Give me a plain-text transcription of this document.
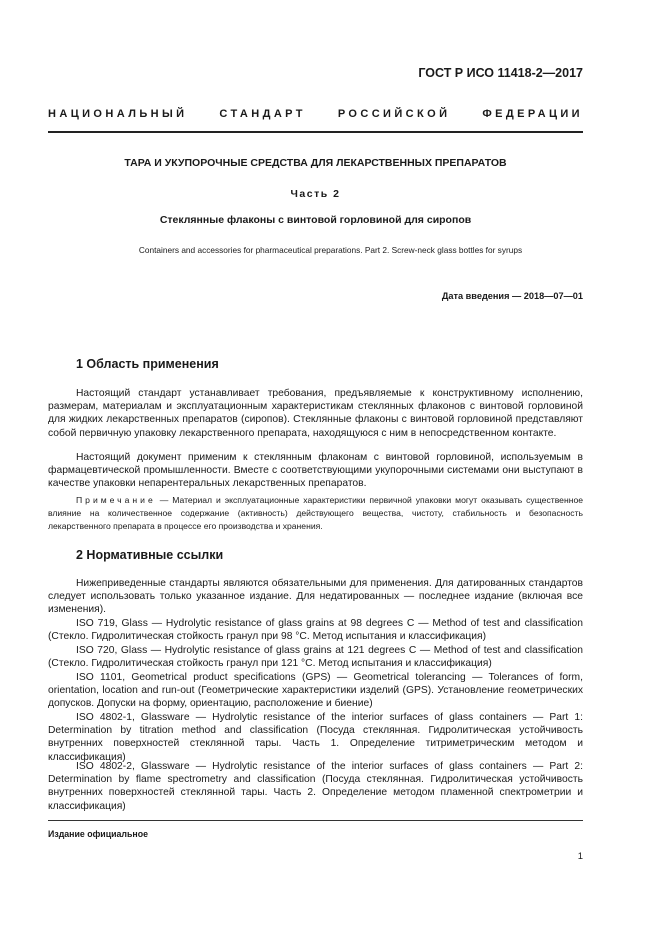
ГОСТ Р ИСО 11418-2—2017
НАЦИОНАЛЬНЫЙ СТАНДАРТ РОССИЙСКОЙ ФЕДЕРАЦИИ
ТАРА И УКУПОРОЧНЫЕ СРЕДСТВА ДЛЯ ЛЕКАРСТВЕННЫХ ПРЕПАРАТОВ
Часть 2
Стеклянные флаконы с винтовой горловиной для сиропов
Containers and accessories for pharmaceutical preparations. Part 2. Screw-neck glass bottles for syrups
Дата введения — 2018—07—01
1 Область применения
Настоящий стандарт устанавливает требования, предъявляемые к конструктивному исполнению, размерам, материалам и эксплуатационным характеристикам стеклянных флаконов с винтовой горловиной для жидких лекарственных препаратов (сиропов). Стеклянные флаконы с винтовой горловиной представляют собой первичную упаковку лекарственного препарата, находящуюся с ним в непосредственном контакте.
Настоящий документ применим к стеклянным флаконам с винтовой горловиной, используемым в фармацевтической промышленности. Вместе с соответствующими укупорочными системами они выступают в качестве упаковки непарентеральных лекарственных препаратов.
Примечание — Материал и эксплуатационные характеристики первичной упаковки могут оказывать существенное влияние на количественное содержание (активность) действующего вещества, чистоту, стабильность и безопасность лекарственного препарата в процессе его производства и хранения.
2 Нормативные ссылки
Нижеприведенные стандарты являются обязательными для применения. Для датированных стандартов следует использовать только указанное издание. Для недатированных — последнее издание (включая все изменения).
ISO 719, Glass — Hydrolytic resistance of glass grains at 98 degrees C — Method of test and classification (Стекло. Гидролитическая стойкость гранул при 98 °С. Метод испытания и классификация)
ISO 720, Glass — Hydrolytic resistance of glass grains at 121 degrees C — Method of test and classification (Стекло. Гидролитическая стойкость гранул при 121 °С. Метод испытания и классификация)
ISO 1101, Geometrical product specifications (GPS) — Geometrical tolerancing — Tolerances of form, orientation, location and run-out (Геометрические характеристики изделий (GPS). Установление геометрических допусков. Допуски на форму, ориентацию, расположение и биение)
ISO 4802-1, Glassware — Hydrolytic resistance of the interior surfaces of glass containers — Part 1: Determination by titration method and classification (Посуда стеклянная. Гидролитическая устойчивость внутренних поверхностей стеклянной тары. Часть 1. Определение титриметрическим методом и классификация)
ISO 4802-2, Glassware — Hydrolytic resistance of the interior surfaces of glass containers — Part 2: Determination by flame spectrometry and classification (Посуда стеклянная. Гидролитическая устойчивость внутренних поверхностей стеклянной тары. Часть 2. Определение методом пламенной спектрометрии и классификация)
Издание официальное
1
